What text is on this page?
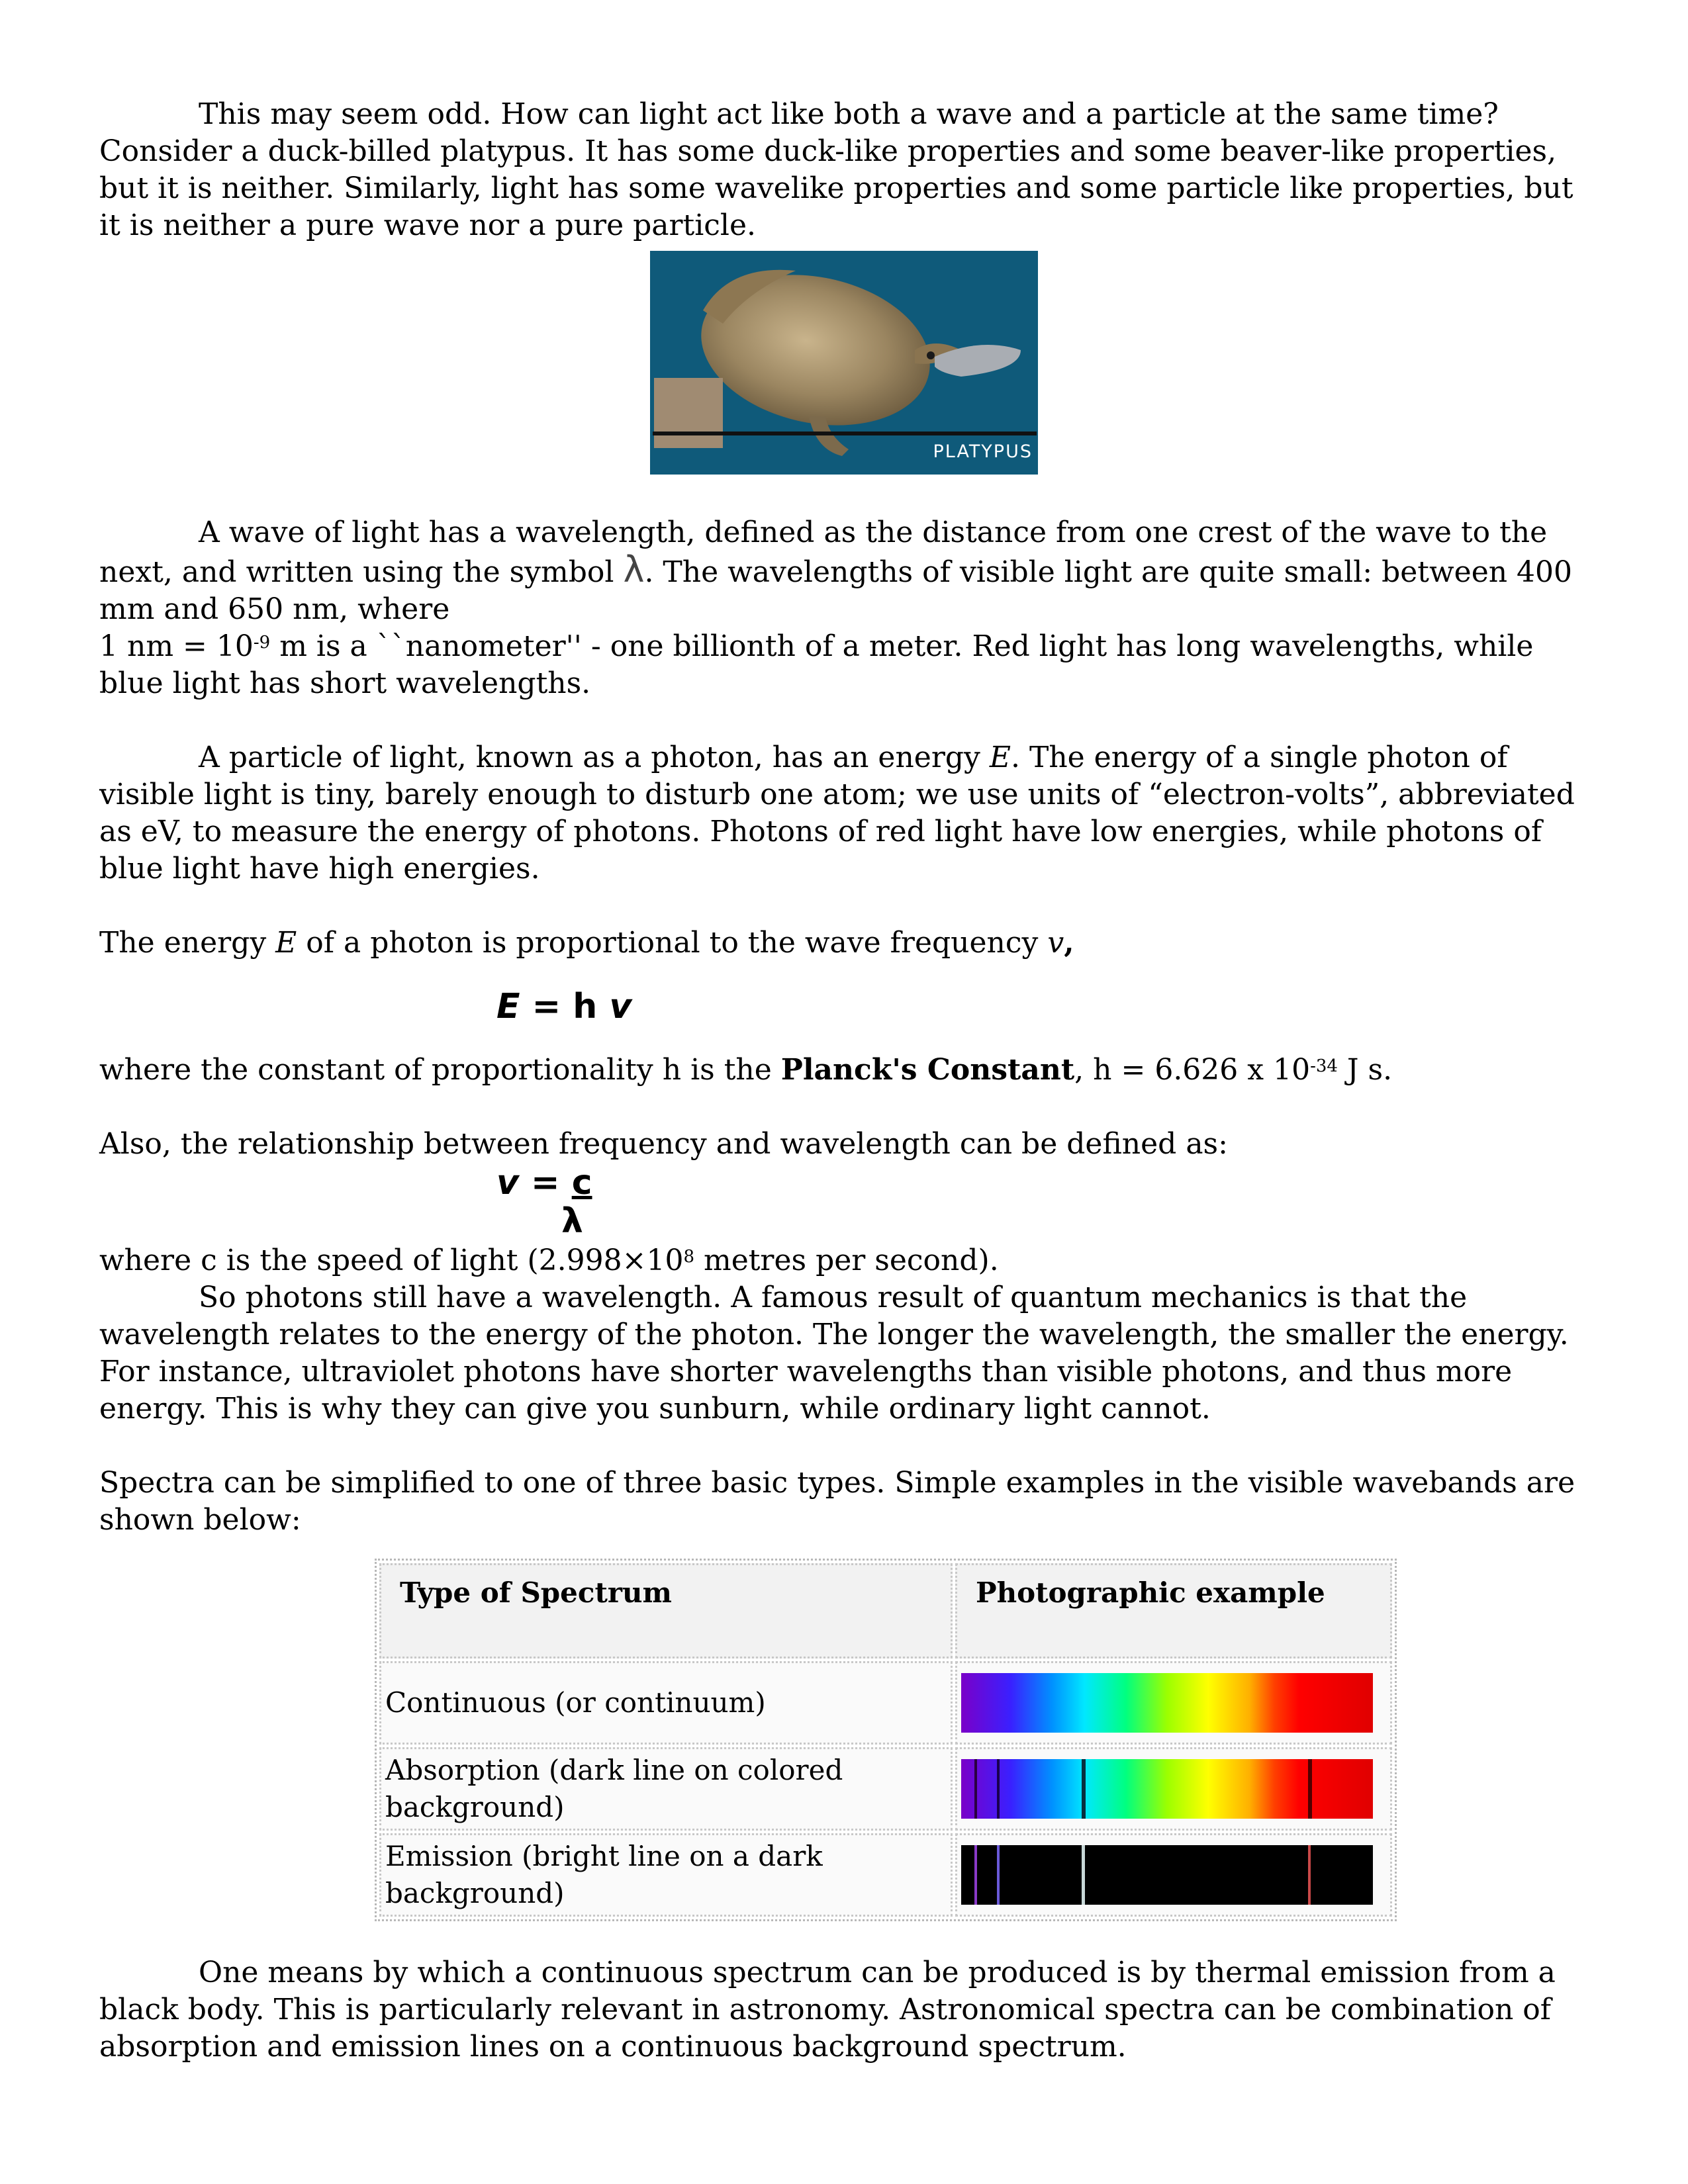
This may seem odd. How can light act like both a wave and a particle at the same time? Consider a duck-billed platypus. It has some duck-like properties and some beaver-like properties, but it is neither. Similarly, light has some wavelike properties and some particle like properties, but it is neither a pure wave nor a pure particle.

PLATYPUS

A wave of light has a wavelength, defined as the distance from one crest of the wave to the next, and written using the symbol λ. The wavelengths of visible light are quite small: between 400 mm and 650 nm, where
1 nm = $10^{-9}$ m is a ``nanometer'' - one billionth of a meter. Red light has long wavelengths, while blue light has short wavelengths.

A particle of light, known as a photon, has an energy E. The energy of a single photon of visible light is tiny, barely enough to disturb one atom; we use units of “electron-volts”, abbreviated as eV, to measure the energy of photons. Photons of red light have low energies, while photons of blue light have high energies.

The energy E of a photon is proportional to the wave frequency v,

E = h v

where the constant of proportionality h is the Planck's Constant, h = 6.626 x $10^{-34}$ J s.

Also, the relationship between frequency and wavelength can be defined as:

v = c
λ

where c is the speed of light ($2.998\times 10^8$ metres per second).

So photons still have a wavelength. A famous result of quantum mechanics is that the wavelength relates to the energy of the photon. The longer the wavelength, the smaller the energy. For instance, ultraviolet photons have shorter wavelengths than visible photons, and thus more energy. This is why they can give you sunburn, while ordinary light cannot.

Spectra can be simplified to one of three basic types. Simple examples in the visible wavebands are shown below:

Type of Spectrum	Photographic example
Continuous (or continuum)	

Absorption (dark line on colored background)	

Emission (bright line on a dark background)	

One means by which a continuous spectrum can be produced is by thermal emission from a black body. This is particularly relevant in astronomy. Astronomical spectra can be combination of absorption and emission lines on a continuous background spectrum.
